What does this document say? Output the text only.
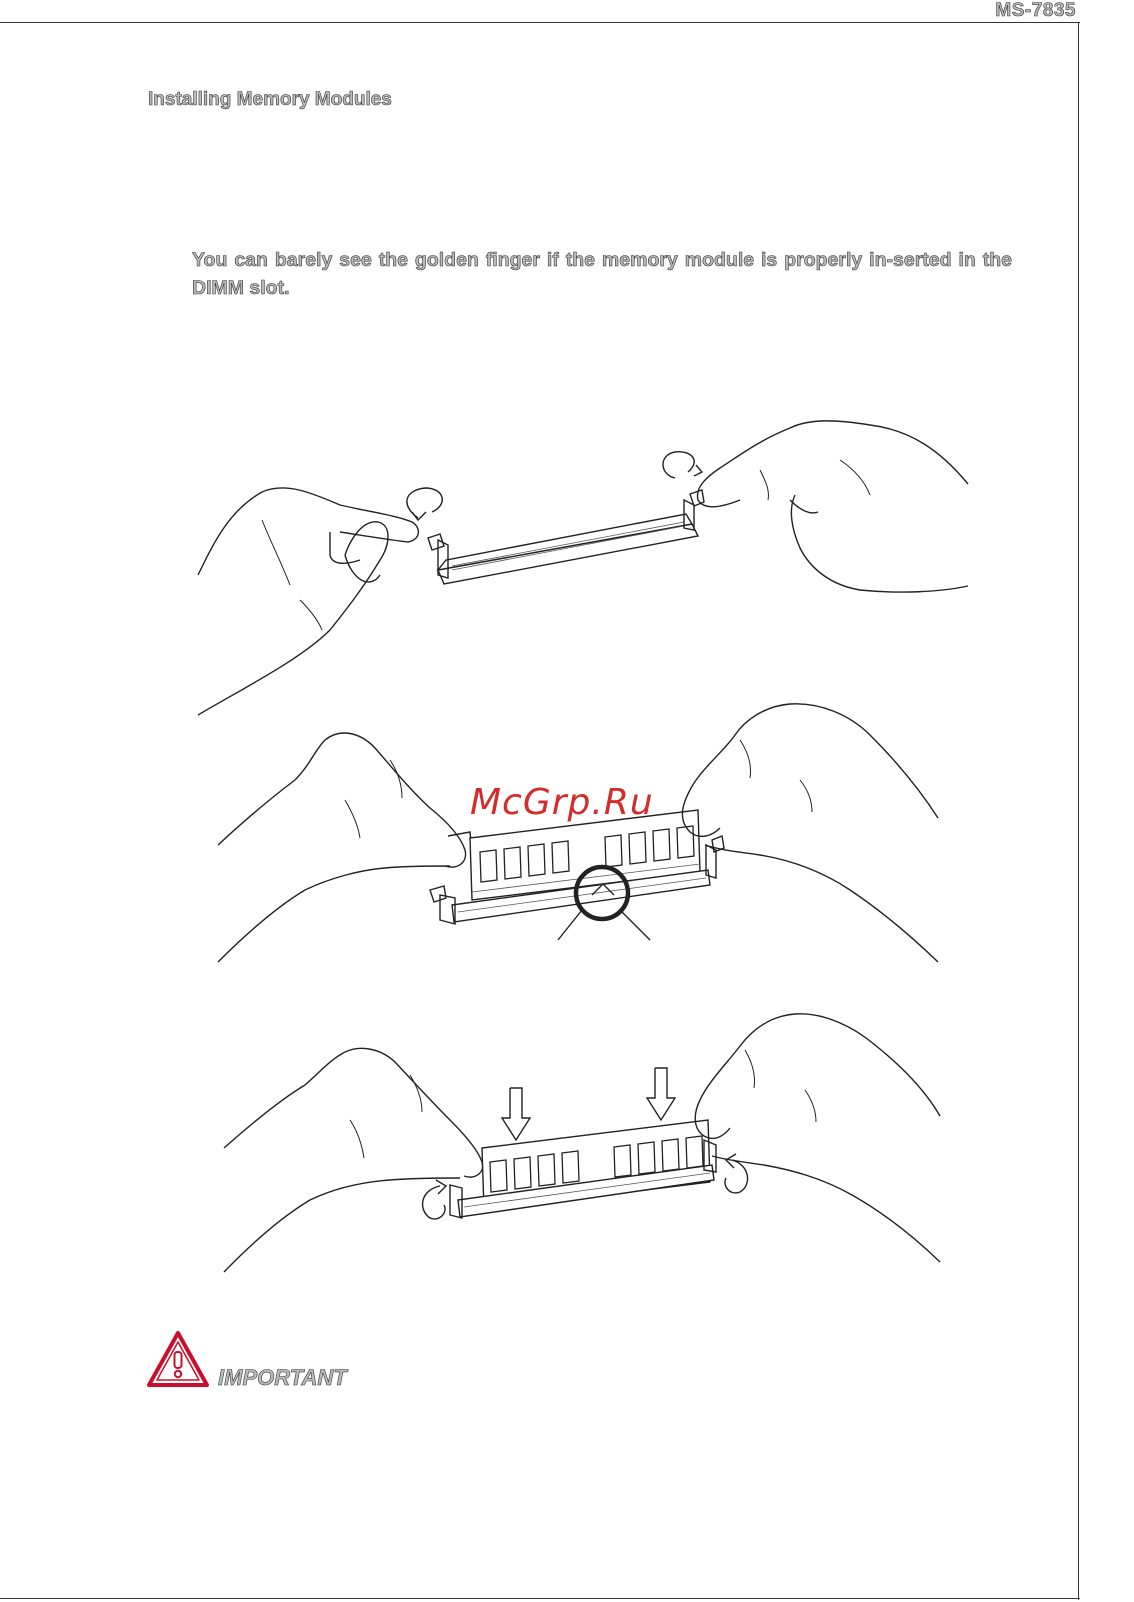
MS-7835
Installing Memory Modules
You can barely see the golden finger if the memory module is properly in-serted in the DIMM slot.
McGrp.Ru
IMPORTANT
